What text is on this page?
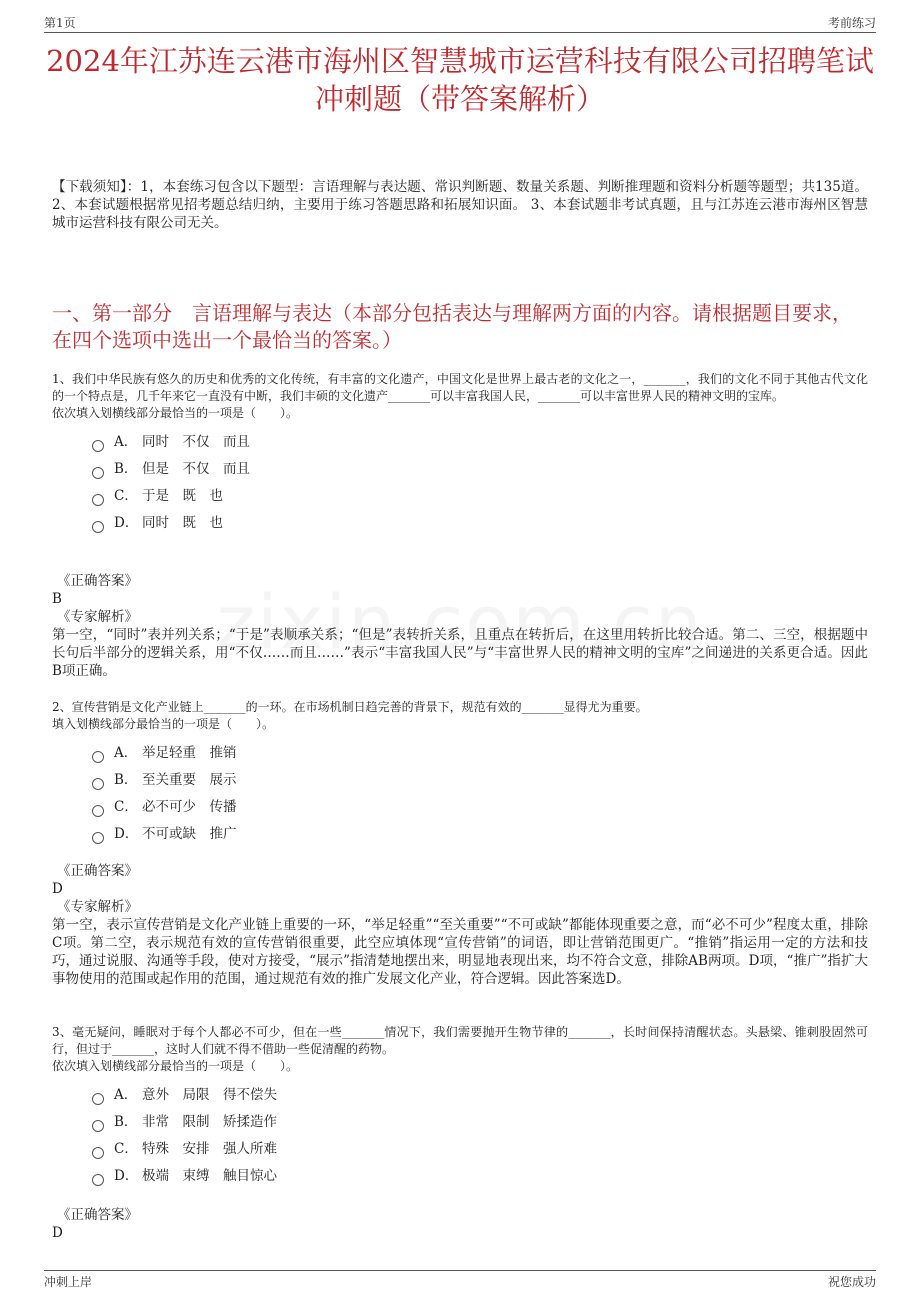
第1页	考前练习
2024年江苏连云港市海州区智慧城市运营科技有限公司招聘笔试冲刺题（带答案解析）
【下载须知】：1，本套练习包含以下题型：言语理解与表达题、常识判断题、数量关系题、判断推理题和资料分析题等题型；共135道。 2、本套试题根据常见招考题总结归纳，主要用于练习答题思路和拓展知识面。 3、本套试题非考试真题，且与江苏连云港市海州区智慧城市运营科技有限公司无关。
一、第一部分　言语理解与表达（本部分包括表达与理解两方面的内容。请根据题目要求，在四个选项中选出一个最恰当的答案。）

1、我们中华民族有悠久的历史和优秀的文化传统，有丰富的文化遗产，中国文化是世界上最古老的文化之一，_______，我们的文化不同于其他古代文化的一个特点是，几千年来它一直没有中断，我们丰硕的文化遗产_______可以丰富我国人民，_______可以丰富世界人民的精神文明的宝库。

依次填入划横线部分最恰当的一项是（　　）。

A． 同时　不仅　而且
B． 但是　不仅　而且
C． 于是　既　也
D． 同时　既　也
《正确答案》
B
《专家解析》
第一空，“同时”表并列关系；“于是”表顺承关系；“但是”表转折关系，且重点在转折后，在这里用转折比较合适。第二、三空，根据题中长句后半部分的逻辑关系，用“不仅……而且……”表示“丰富我国人民”与“丰富世界人民的精神文明的宝库”之间递进的关系更合适。因此B项正确。

2、宣传营销是文化产业链上_______的一环。在市场机制日趋完善的背景下，规范有效的_______显得尤为重要。

填入划横线部分最恰当的一项是（　　）。

A． 举足轻重　推销
B． 至关重要　展示
C． 必不可少　传播
D． 不可或缺　推广
《正确答案》
D
《专家解析》
第一空，表示宣传营销是文化产业链上重要的一环，“举足轻重”“至关重要”“不可或缺”都能体现重要之意，而“必不可少”程度太重，排除C项。第二空，表示规范有效的宣传营销很重要，此空应填体现“宣传营销”的词语，即让营销范围更广。“推销”指运用一定的方法和技巧，通过说服、沟通等手段，使对方接受，“展示”指清楚地摆出来，明显地表现出来，均不符合文意，排除AB两项。D项，“推广”指扩大事物使用的范围或起作用的范围，通过规范有效的推广发展文化产业，符合逻辑。因此答案选D。

3、毫无疑问，睡眠对于每个人都必不可少，但在一些_______情况下，我们需要抛开生物节律的_______，长时间保持清醒状态。头悬梁、锥刺股固然可行，但过于_______，这时人们就不得不借助一些促清醒的药物。

依次填入划横线部分最恰当的一项是（　　）。

A． 意外　局限　得不偿失
B． 非常　限制　矫揉造作
C． 特殊　安排　强人所难
D． 极端　束缚　触目惊心
《正确答案》
D
冲刺上岸	祝您成功
